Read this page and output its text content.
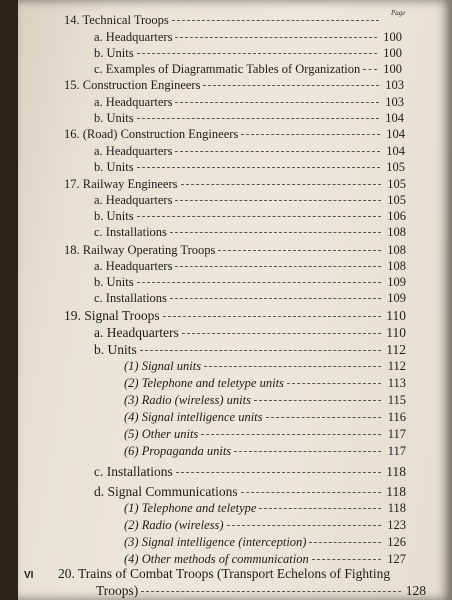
Page
14. Technical Troops
a. Headquarters	100
b. Units	100
c. Examples of Diagrammatic Tables of Organization 100
15. Construction Engineers	103
a. Headquarters	103
b. Units	104
16. (Road) Construction Engineers	104
a. Headquarters	104
b. Units	105
17. Railway Engineers	105
a. Headquarters	105
b. Units	106
c. Installations	108
18. Railway Operating Troops	108
a. Headquarters	108
b. Units	109
c. Installations	109
19. Signal Troops	110
a. Headquarters	110
b. Units	112
(1) Signal units	112
(2) Telephone and teletype units	113
(3) Radio (wireless) units	115
(4) Signal intelligence units	116
(5) Other units	117
(6) Propaganda units	117
c. Installations	118
d. Signal Communications	118
(1) Telephone and teletype	118
(2) Radio (wireless)	123
(3) Signal intelligence (interception)	126
(4) Other methods of communication	127
20. Trains of Combat Troops (Transport Echelons of Fighting
Troops)	128
VI
